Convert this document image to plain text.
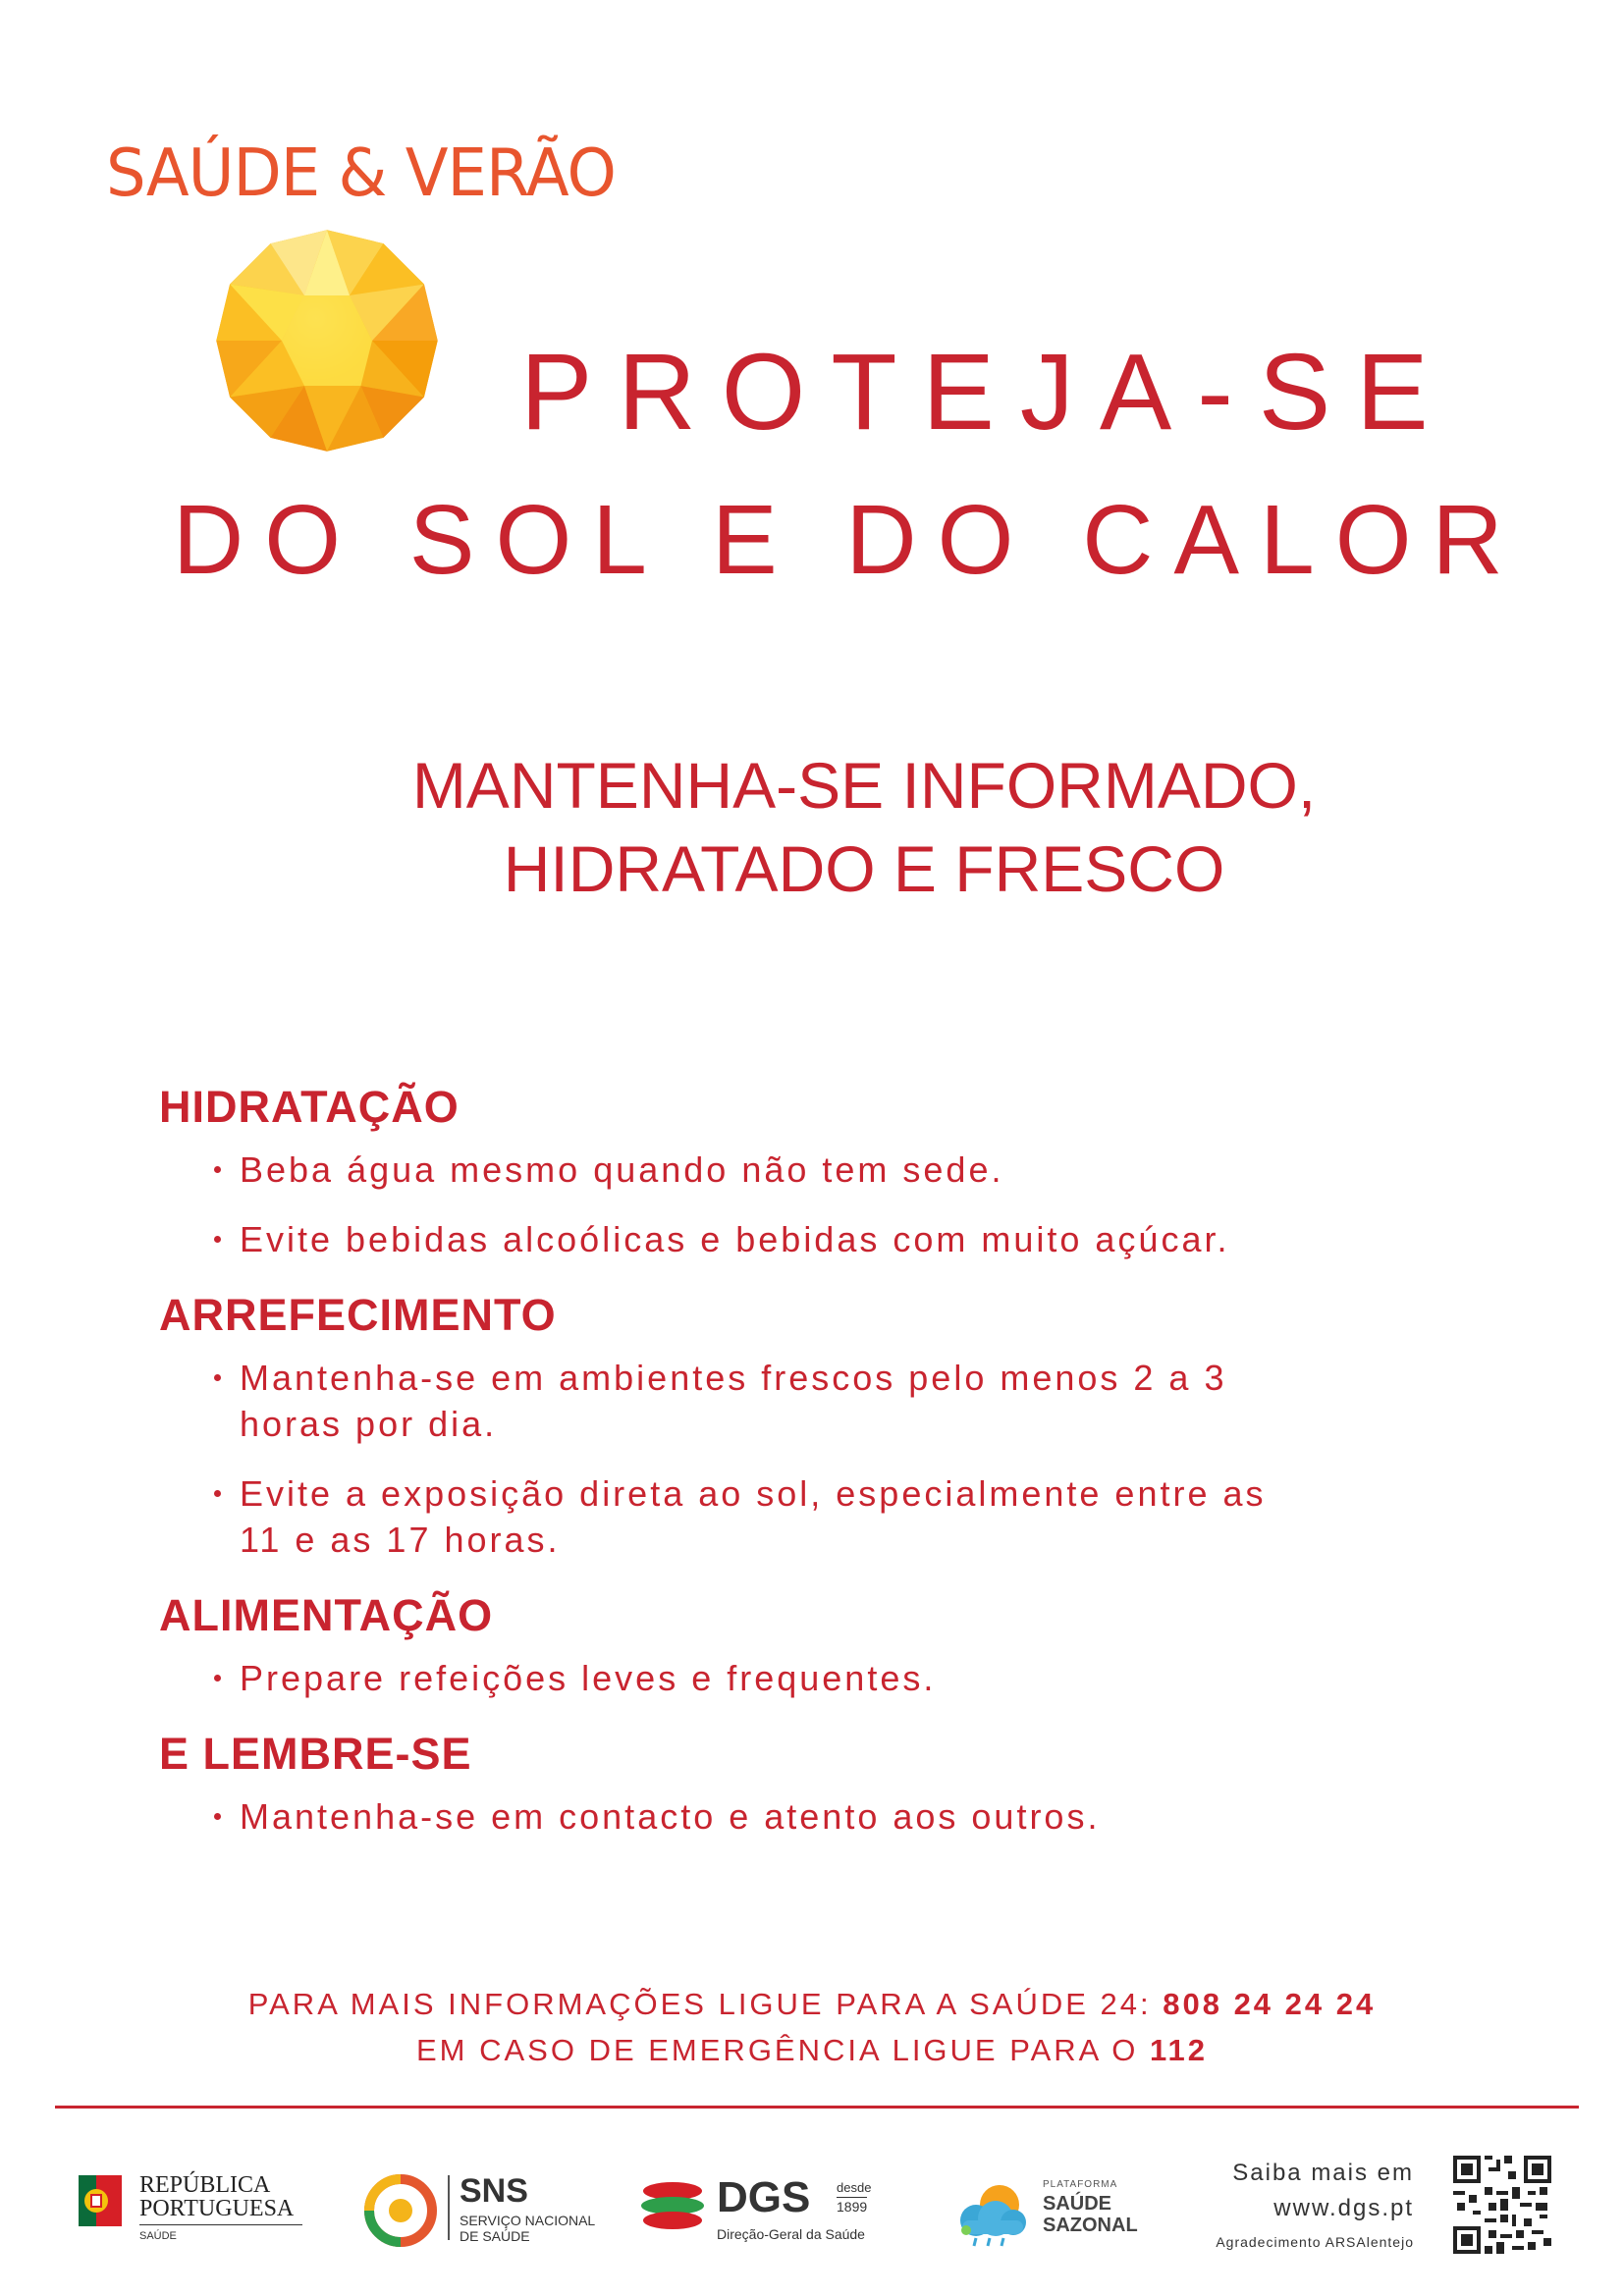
SAÚDE & VERÃO
PROTEJA-SE
DO SOL E DO CALOR
MANTENHA-SE INFORMADO,
HIDRATADO E FRESCO
HIDRATAÇÃO
Beba água mesmo quando não tem sede.
Evite bebidas alcoólicas e bebidas com muito açúcar.
ARREFECIMENTO
Mantenha-se em ambientes frescos pelo menos 2 a 3 horas por dia.
Evite a exposição direta ao sol, especialmente entre as 11 e as 17 horas.
ALIMENTAÇÃO
Prepare refeições leves e frequentes.
E LEMBRE-SE
Mantenha-se em contacto e atento aos outros.
PARA MAIS INFORMAÇÕES LIGUE PARA A SAÚDE 24: 808 24 24 24
EM CASO DE EMERGÊNCIA LIGUE PARA O 112
REPÚBLICA
PORTUGUESA
SAÚDE
SNS
SERVIÇO NACIONAL
DE SAÚDE
DGS desde
1899
Direção-Geral da Saúde
PLATAFORMA
SAÚDE
SAZONAL
Saiba mais em
www.dgs.pt
Agradecimento ARSAlentejo
